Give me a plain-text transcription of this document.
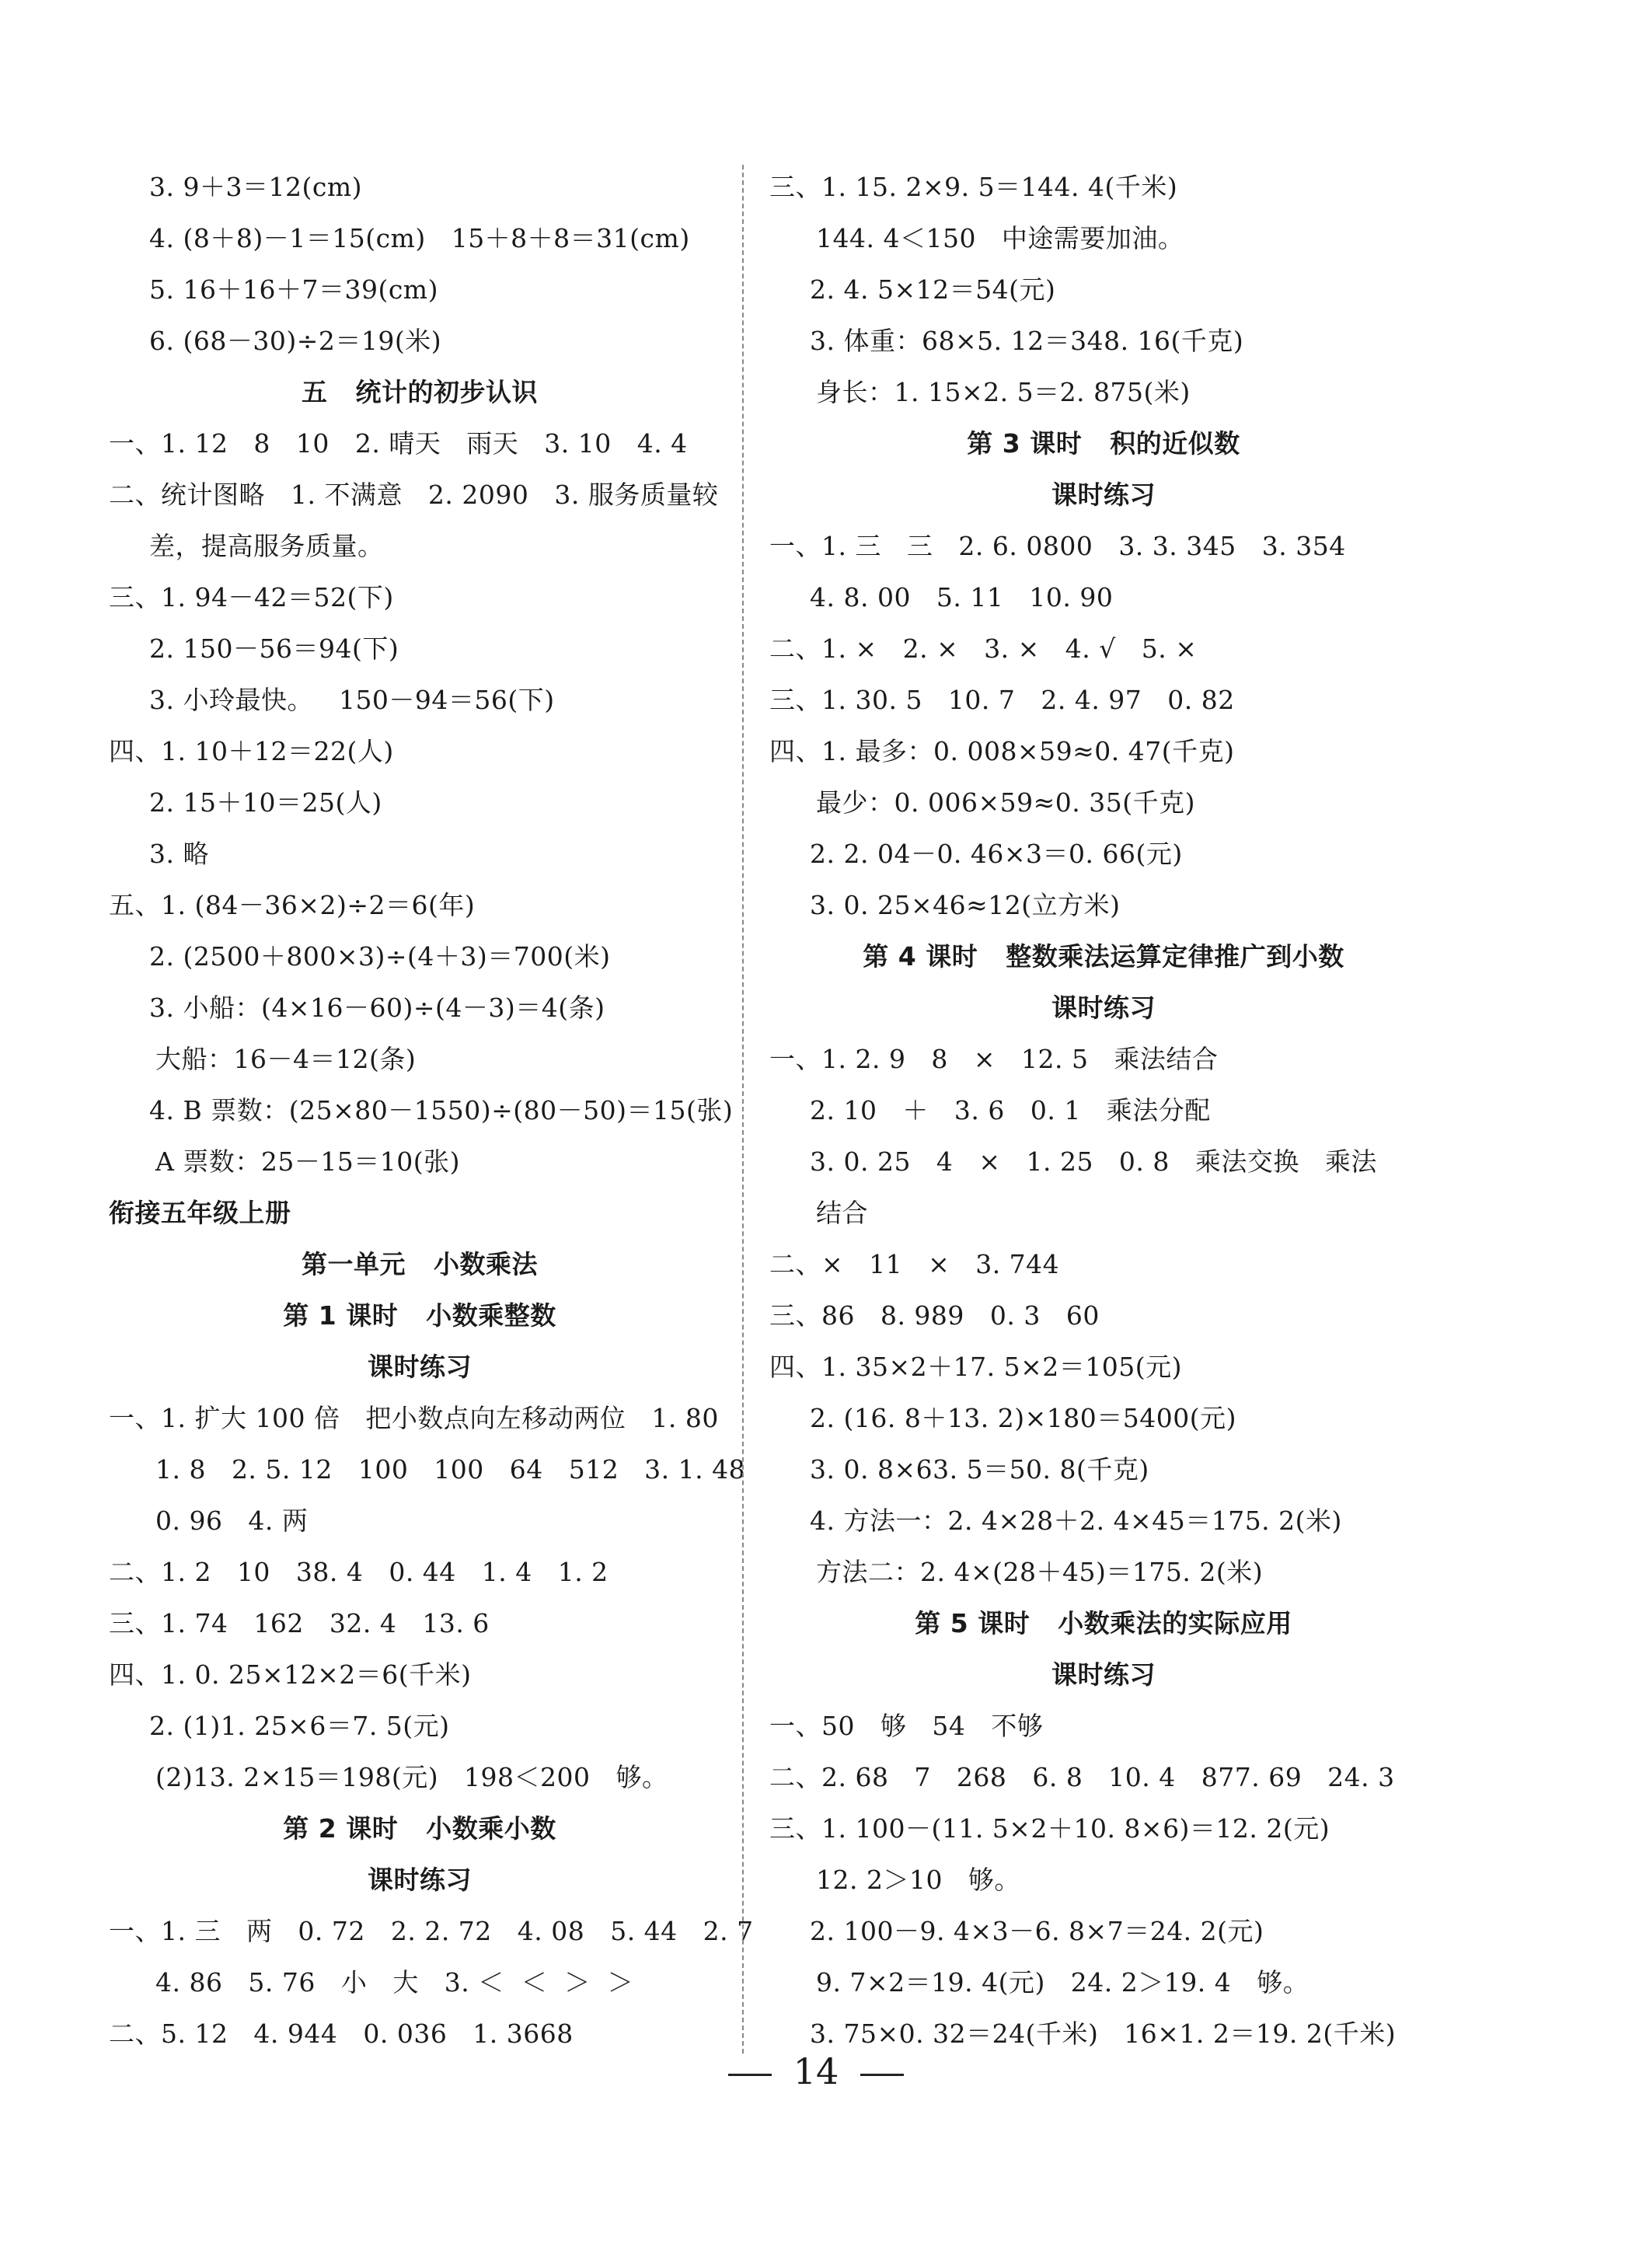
3. 9＋3＝12(cm)
4. (8＋8)－1＝15(cm)   15＋8＋8＝31(cm)
5. 16＋16＋7＝39(cm)
6. (68－30)÷2＝19(米)
五   统计的初步认识
一、1. 12   8   10   2. 晴天   雨天   3. 10   4. 4
二、统计图略   1. 不满意   2. 2090   3. 服务质量较
差，提高服务质量。
三、1. 94－42＝52(下)
2. 150－56＝94(下)
3. 小玲最快。   150－94＝56(下)
四、1. 10＋12＝22(人)
2. 15＋10＝25(人)
3. 略
五、1. (84－36×2)÷2＝6(年)
2. (2500＋800×3)÷(4＋3)＝700(米)
3. 小船：(4×16－60)÷(4－3)＝4(条)
大船：16－4＝12(条)
4. B 票数：(25×80－1550)÷(80－50)＝15(张)
A 票数：25－15＝10(张)
衔接五年级上册
第一单元   小数乘法
第 1 课时   小数乘整数
课时练习
一、1. 扩大 100 倍   把小数点向左移动两位   1. 80
1. 8   2. 5. 12   100   100   64   512   3. 1. 48
0. 96   4. 两
二、1. 2   10   38. 4   0. 44   1. 4   1. 2
三、1. 74   162   32. 4   13. 6
四、1. 0. 25×12×2＝6(千米)
2. (1)1. 25×6＝7. 5(元)
(2)13. 2×15＝198(元)   198＜200   够。
第 2 课时   小数乘小数
课时练习
一、1. 三   两   0. 72   2. 2. 72   4. 08   5. 44   2. 7
4. 86   5. 76   小   大   3. ＜  ＜  ＞  ＞
二、5. 12   4. 944   0. 036   1. 3668
三、1. 15. 2×9. 5＝144. 4(千米)
144. 4＜150   中途需要加油。
2. 4. 5×12＝54(元)
3. 体重：68×5. 12＝348. 16(千克)
身长：1. 15×2. 5＝2. 875(米)
第 3 课时   积的近似数
课时练习
一、1. 三   三   2. 6. 0800   3. 3. 345   3. 354
4. 8. 00   5. 11   10. 90
二、1. ×   2. ×   3. ×   4. √   5. ×
三、1. 30. 5   10. 7   2. 4. 97   0. 82
四、1. 最多：0. 008×59≈0. 47(千克)
最少：0. 006×59≈0. 35(千克)
2. 2. 04－0. 46×3＝0. 66(元)
3. 0. 25×46≈12(立方米)
第 4 课时   整数乘法运算定律推广到小数
课时练习
一、1. 2. 9   8   ×   12. 5   乘法结合
2. 10   ＋   3. 6   0. 1   乘法分配
3. 0. 25   4   ×   1. 25   0. 8   乘法交换   乘法
结合
二、×   11   ×   3. 744
三、86   8. 989   0. 3   60
四、1. 35×2＋17. 5×2＝105(元)
2. (16. 8＋13. 2)×180＝5400(元)
3. 0. 8×63. 5＝50. 8(千克)
4. 方法一：2. 4×28＋2. 4×45＝175. 2(米)
方法二：2. 4×(28＋45)＝175. 2(米)
第 5 课时   小数乘法的实际应用
课时练习
一、50   够   54   不够
二、2. 68   7   268   6. 8   10. 4   877. 69   24. 3
三、1. 100－(11. 5×2＋10. 8×6)＝12. 2(元)
12. 2＞10   够。
2. 100－9. 4×3－6. 8×7＝24. 2(元)
9. 7×2＝19. 4(元)   24. 2＞19. 4   够。
3. 75×0. 32＝24(千米)   16×1. 2＝19. 2(千米)
14
